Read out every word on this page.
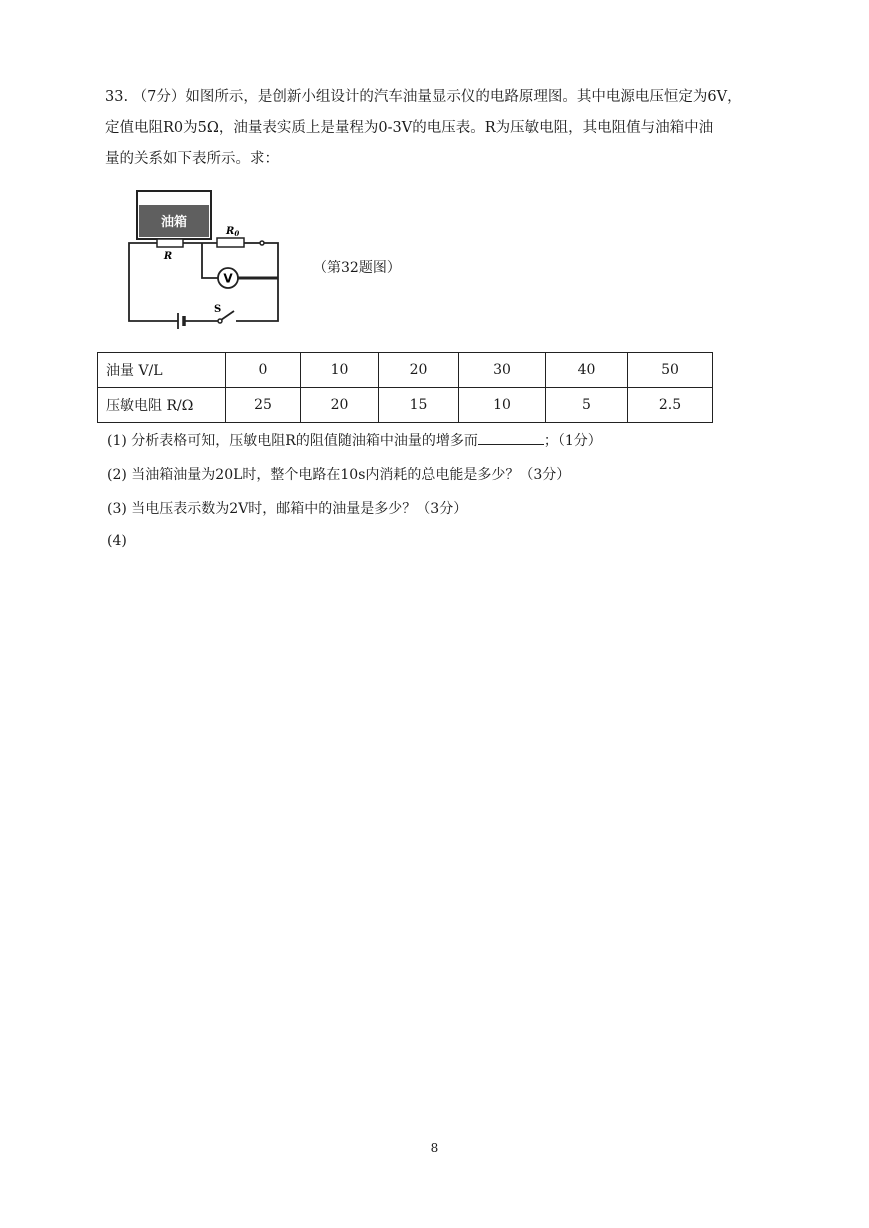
33. （7分）如图所示，是创新小组设计的汽车油量显示仪的电路原理图。其中电源电压恒定为6V，
定值电阻R0为5Ω，油量表实质上是量程为0-3V的电压表。R为压敏电阻，其电阻值与油箱中油
量的关系如下表所示。求：
油箱
R
$R_0$
V
S
（第32题图）
油量 V/L	0	10	20	30	40	50
压敏电阻 R/Ω	25	20	15	10	5	2.5
(1) 分析表格可知，压敏电阻R的阻值随油箱中油量的增多而	；（1分）
(2) 当油箱油量为20L时，整个电路在10s内消耗的总电能是多少？（3分）
(3) 当电压表示数为2V时，邮箱中的油量是多少？（3分）
(4)
8
